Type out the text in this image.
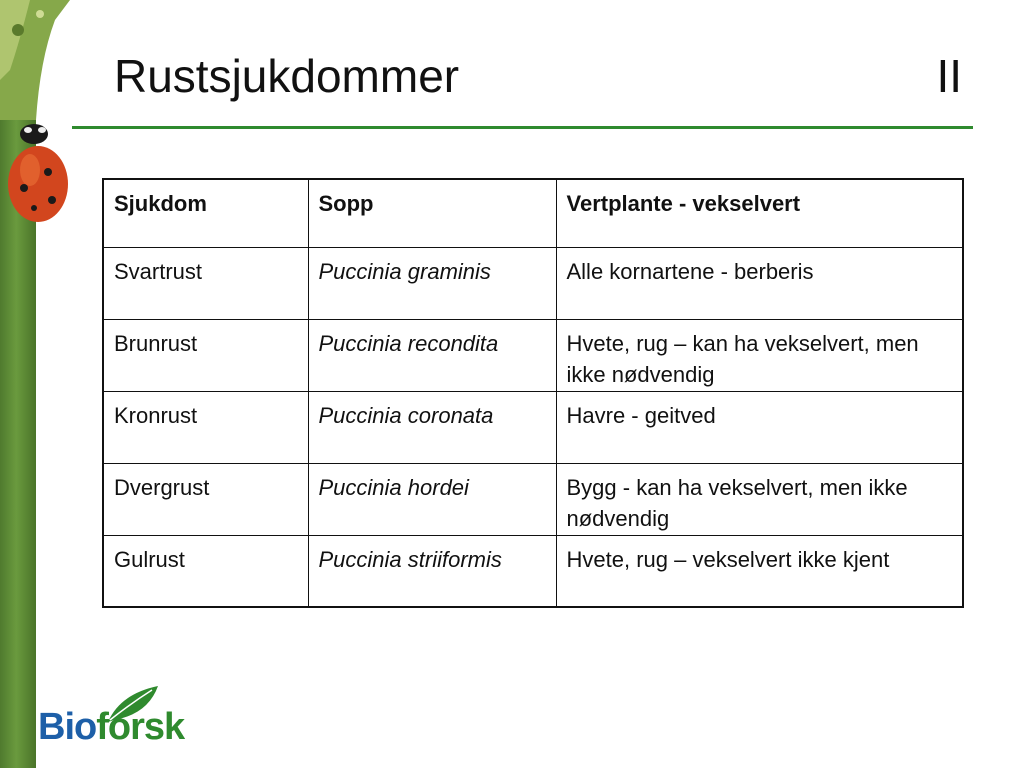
Rustsjukdommer	II
Sjukdom	Sopp	Vertplante - vekselvert
Svartrust	Puccinia graminis	Alle kornartene - berberis
Brunrust	Puccinia recondita	Hvete, rug – kan ha vekselvert, men ikke nødvendig
Kronrust	Puccinia coronata	Havre - geitved
Dvergrust	Puccinia hordei	Bygg - kan ha vekselvert, men ikke nødvendig
Gulrust	Puccinia striiformis	Hvete, rug – vekselvert ikke kjent
Bioforsk
